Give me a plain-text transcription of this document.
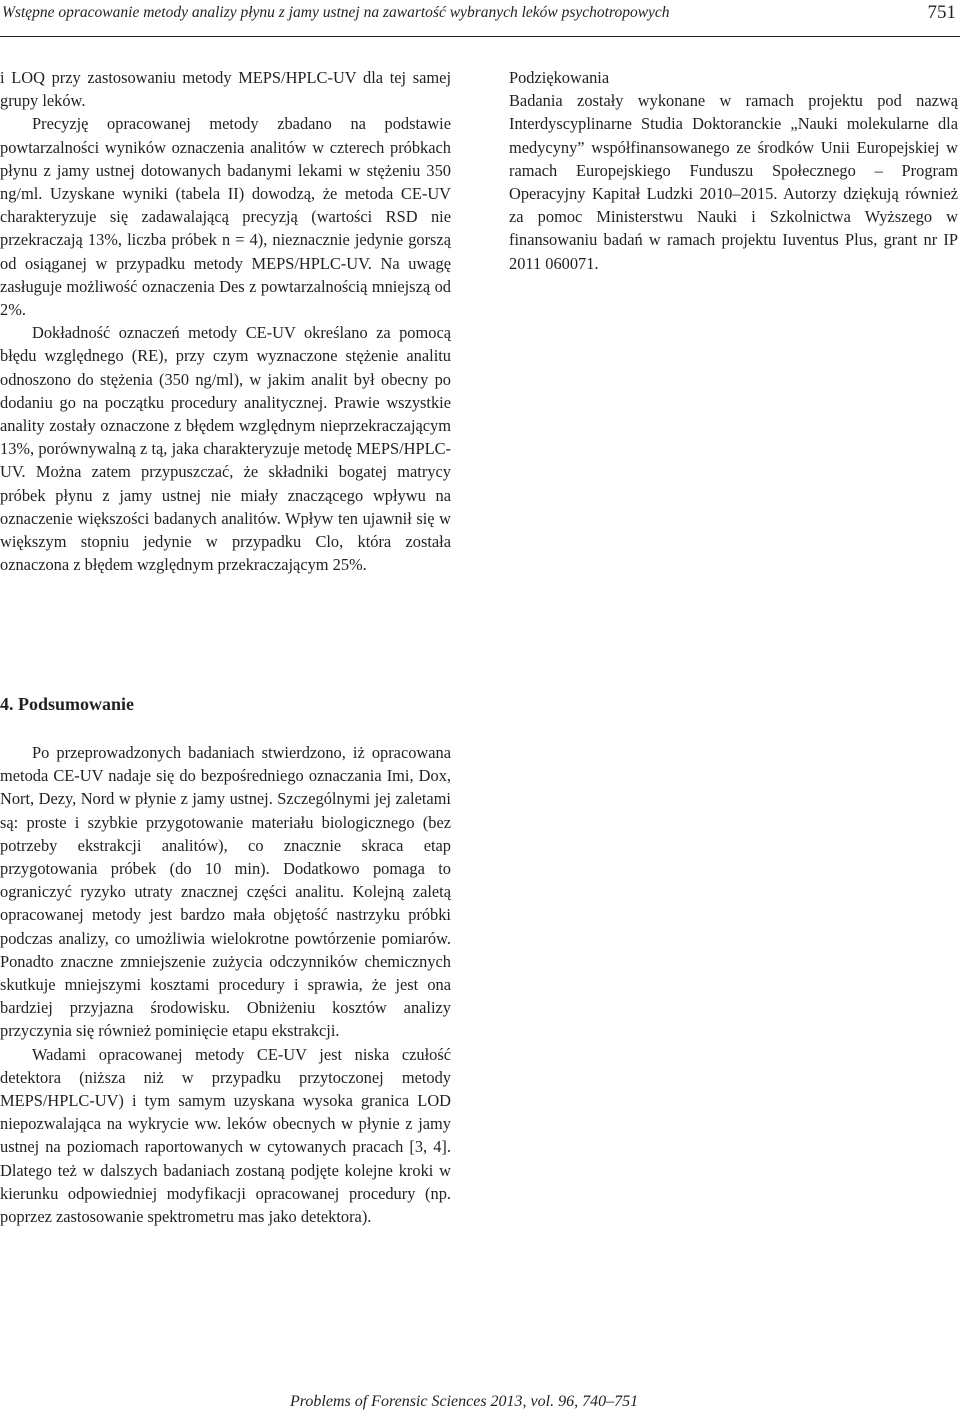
Wstępne opracowanie metody analizy płynu z jamy ustnej na zawartość wybranych leków psychotropowych	751

i LOQ przy zastosowaniu metody MEPS/HPLC-UV dla tej samej grupy leków.

Precyzję opracowanej metody zbadano na podstawie powtarzalności wyników oznaczenia analitów w czterech próbkach płynu z jamy ustnej dotowanych badanymi lekami w stężeniu 350 ng/ml. Uzyskane wyniki (tabela II) dowodzą, że metoda CE-UV charakteryzuje się zadawalającą precyzją (wartości RSD nie przekraczają 13%, liczba próbek n = 4), nieznacznie jedynie gorszą od osiąganej w przypadku metody MEPS/HPLC-UV. Na uwagę zasługuje możliwość oznaczenia Des z powtarzalnością mniejszą od 2%.

Dokładność oznaczeń metody CE-UV określano za pomocą błędu względnego (RE), przy czym wyznaczone stężenie analitu odnoszono do stężenia (350 ng/ml), w jakim analit był obecny po dodaniu go na początku procedury analitycznej. Prawie wszystkie anality zostały oznaczone z błędem względnym nieprzekraczającym 13%, porównywalną z tą, jaka charakteryzuje metodę MEPS/HPLC-UV. Można zatem przypuszczać, że składniki bogatej matrycy próbek płynu z jamy ustnej nie miały znaczącego wpływu na oznaczenie większości badanych analitów. Wpływ ten ujawnił się w większym stopniu jedynie w przypadku Clo, która została oznaczona z błędem względnym przekraczającym 25%.

Podziękowania

Badania zostały wykonane w ramach projektu pod nazwą Interdyscyplinarne Studia Doktoranckie „Nauki molekularne dla medycyny” współfinansowanego ze środków Unii Europejskiej w ramach Europejskiego Funduszu Społecznego – Program Operacyjny Kapitał Ludzki 2010–2015. Autorzy dziękują również za pomoc Ministerstwu Nauki i Szkolnictwa Wyższego w finansowaniu badań w ramach projektu Iuventus Plus, grant nr IP 2011 060071.

4. Podsumowanie

Po przeprowadzonych badaniach stwierdzono, iż opracowana metoda CE-UV nadaje się do bezpośredniego oznaczania Imi, Dox, Nort, Dezy, Nord w płynie z jamy ustnej. Szczególnymi jej zaletami są: proste i szybkie przygotowanie materiału biologicznego (bez potrzeby ekstrakcji analitów), co znacznie skraca etap przygotowania próbek (do 10 min). Dodatkowo pomaga to ograniczyć ryzyko utraty znacznej części analitu. Kolejną zaletą opracowanej metody jest bardzo mała objętość nastrzyku próbki podczas analizy, co umożliwia wielokrotne powtórzenie pomiarów. Ponadto znaczne zmniejszenie zużycia odczynników chemicznych skutkuje mniejszymi kosztami procedury i sprawia, że jest ona bardziej przyjazna środowisku. Obniżeniu kosztów analizy przyczynia się również pominięcie etapu ekstrakcji.

Wadami opracowanej metody CE-UV jest niska czułość detektora (niższa niż w przypadku przytoczonej metody MEPS/HPLC-UV) i tym samym uzyskana wysoka granica LOD niepozwalająca na wykrycie ww. leków obecnych w płynie z jamy ustnej na poziomach raportowanych w cytowanych pracach [3, 4]. Dlatego też w dalszych badaniach zostaną podjęte kolejne kroki w kierunku odpowiedniej modyfikacji opracowanej procedury (np. poprzez zastosowanie spektrometru mas jako detektora).

Problems of Forensic Sciences 2013, vol. 96, 740–751
